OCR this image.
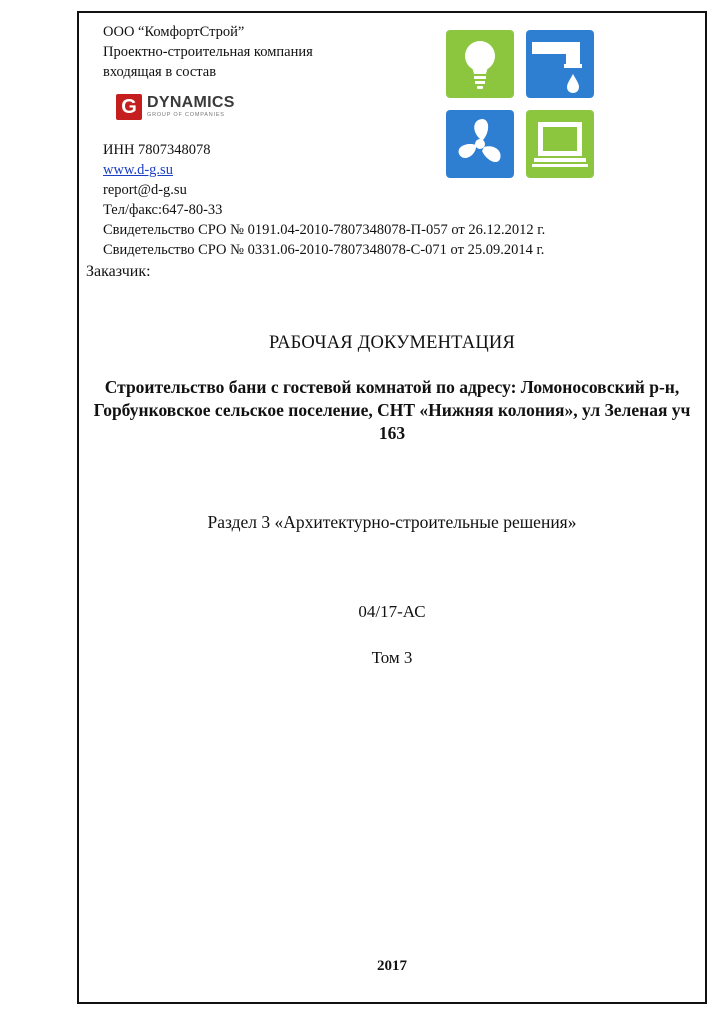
ООО “КомфортСтрой”
Проектно-строительная компания
входящая в состав
G DYNAMICS
GROUP OF COMPANIES
ИНН 7807348078
www.d-g.su
report@d-g.su
Тел/факс:647-80-33
Свидетельство СРО № 0191.04-2010-7807348078-П-057 от 26.12.2012 г.
Свидетельство СРО № 0331.06-2010-7807348078-С-071 от 25.09.2014 г.
Заказчик:
РАБОЧАЯ ДОКУМЕНТАЦИЯ
Строительство бани с гостевой комнатой по адресу: Ломоносовский р-н, Горбунковское сельское поселение, СНТ «Нижняя колония», ул Зеленая уч 163
Раздел 3 «Архитектурно-строительные решения»
04/17-АС
Том 3
2017
